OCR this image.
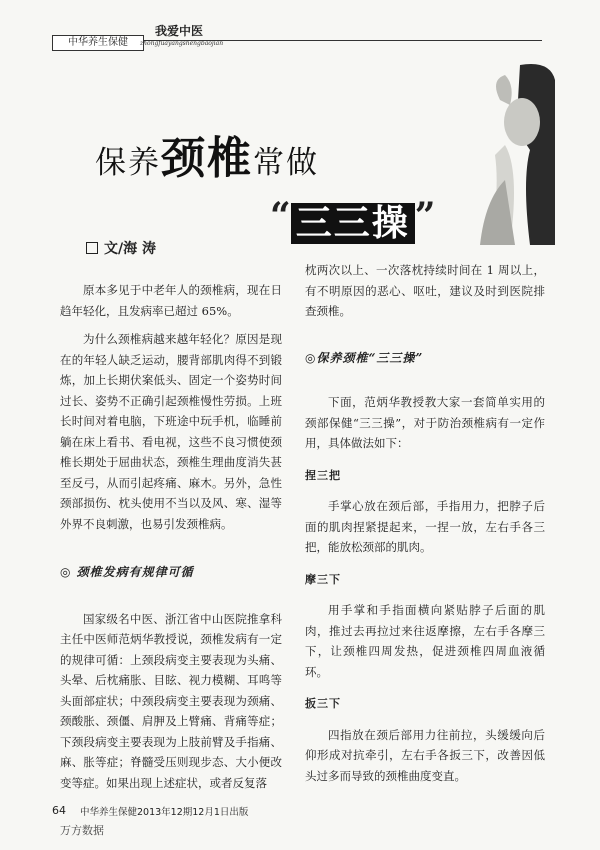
我爱中医
中华养生保健	zhongfuayangshengbaojian
保养颈椎常做
“ 三三操 ”
文/海 涛

原本多见于中老年人的颈椎病，现在日趋年轻化，且发病率已超过 65%。

为什么颈椎病越来越年轻化？原因是现在的年轻人缺乏运动，腰背部肌肉得不到锻炼，加上长期伏案低头、固定一个姿势时间过长、姿势不正确引起颈椎慢性劳损。上班长时间对着电脑，下班途中玩手机，临睡前躺在床上看书、看电视，这些不良习惯使颈椎长期处于屈曲状态，颈椎生理曲度消失甚至反弓，从而引起疼痛、麻木。另外，急性颈部损伤、枕头使用不当以及风、寒、湿等外界不良刺激，也易引发颈椎病。

◎ 颈椎发病有规律可循

国家级名中医、浙江省中山医院推拿科主任中医师范炳华教授说，颈椎发病有一定的规律可循：上颈段病变主要表现为头痛、头晕、后枕痛胀、目眩、视力模糊、耳鸣等头面部症状；中颈段病变主要表现为颈痛、颈酸胀、颈僵、肩胛及上臂痛、背痛等症；下颈段病变主要表现为上肢前臂及手指痛、麻、胀等症；脊髓受压则现步态、大小便改变等症。如果出现上述症状，或者反复落

枕两次以上、一次落枕持续时间在 1 周以上，有不明原因的恶心、呕吐，建议及时到医院排查颈椎。

◎保养颈椎“三三操”

下面，范炳华教授教大家一套简单实用的颈部保健“三三操”，对于防治颈椎病有一定作用，具体做法如下：

捏三把

手掌心放在颈后部，手指用力，把脖子后面的肌肉捏紧提起来，一捏一放，左右手各三把，能放松颈部的肌肉。

摩三下

用手掌和手指面横向紧贴脖子后面的肌肉，推过去再拉过来往返摩擦，左右手各摩三下，让颈椎四周发热，促进颈椎四周血液循环。

扳三下

四指放在颈后部用力往前拉，头缓缓向后仰形成对抗牵引，左右手各扳三下，改善因低头过多而导致的颈椎曲度变直。

64 中华养生保健2013年12期12月1日出版
万方数据
